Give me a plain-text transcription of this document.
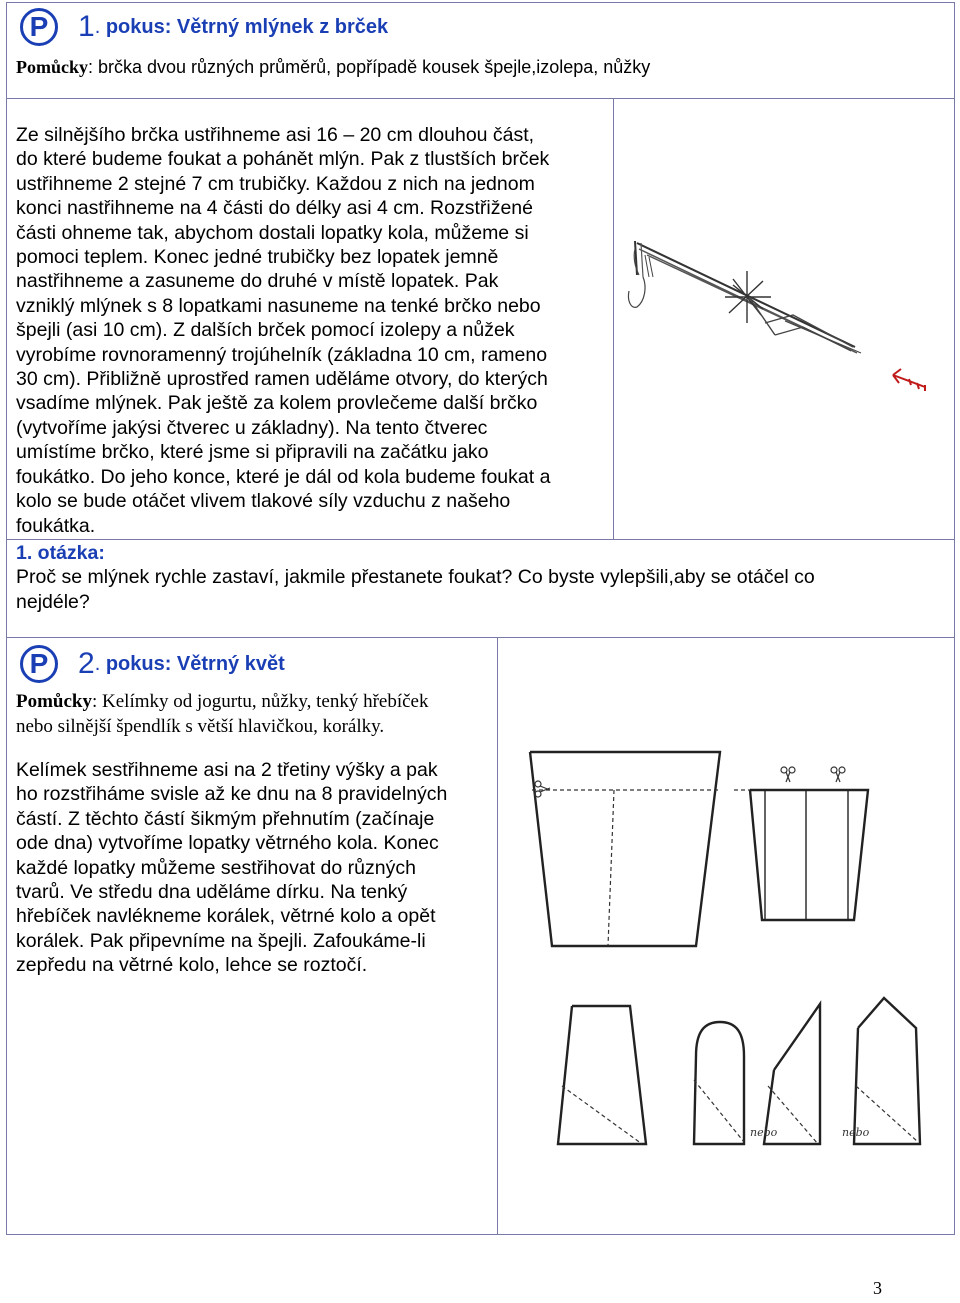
P 1 . pokus: Větrný mlýnek z brček
Pomůcky: brčka dvou různých průměrů, popřípadě kousek špejle,izolepa, nůžky
Ze silnějšího brčka ustřihneme asi 16 – 20 cm dlouhou část,
do které budeme foukat a pohánět mlýn. Pak z tlustších brček
ustřihneme 2 stejné 7 cm trubičky. Každou z nich na jednom
konci nastřihneme na 4 části do délky asi 4 cm. Rozstřižené
části ohneme tak, abychom dostali lopatky kola, můžeme si
pomoci teplem. Konec jedné trubičky bez lopatek jemně
nastřihneme a zasuneme do druhé v místě lopatek. Pak
vzniklý mlýnek s 8 lopatkami nasuneme na tenké brčko nebo
špejli (asi 10 cm). Z dalších brček pomocí izolepy a nůžek
vyrobíme rovnoramenný trojúhelník (základna 10 cm, rameno
30 cm). Přibližně uprostřed ramen uděláme otvory, do kterých
vsadíme mlýnek. Pak ještě za kolem provlečeme další brčko
(vytvoříme jakýsi čtverec u základny). Na tento čtverec
umístíme brčko, které jsme si připravili na začátku jako
foukátko. Do jeho konce, které je dál od kola budeme foukat a
kolo se bude otáčet vlivem tlakové síly vzduchu z našeho
foukátka.
1. otázka:
Proč se mlýnek rychle zastaví, jakmile přestanete foukat? Co byste vylepšili,aby se otáčel co
nejdéle?
P 2 . pokus: Větrný květ
Pomůcky: Kelímky od jogurtu, nůžky, tenký hřebíček
nebo silnější špendlík s větší hlavičkou, korálky.
Kelímek sestřihneme asi na 2 třetiny výšky a pak
ho rozstřiháme svisle až ke dnu na 8 pravidelných
částí. Z těchto částí šikmým přehnutím (začínaje
ode dna) vytvoříme lopatky větrného kola. Konec
každé lopatky můžeme sestřihovat do různých
tvarů. Ve středu dna uděláme dírku. Na tenký
hřebíček navlékneme korálek, větrné kolo a opět
korálek. Pak připevníme na špejli. Zafoukáme-li
zepředu na větrné kolo, lehce se roztočí.
nebo	nebo
3
